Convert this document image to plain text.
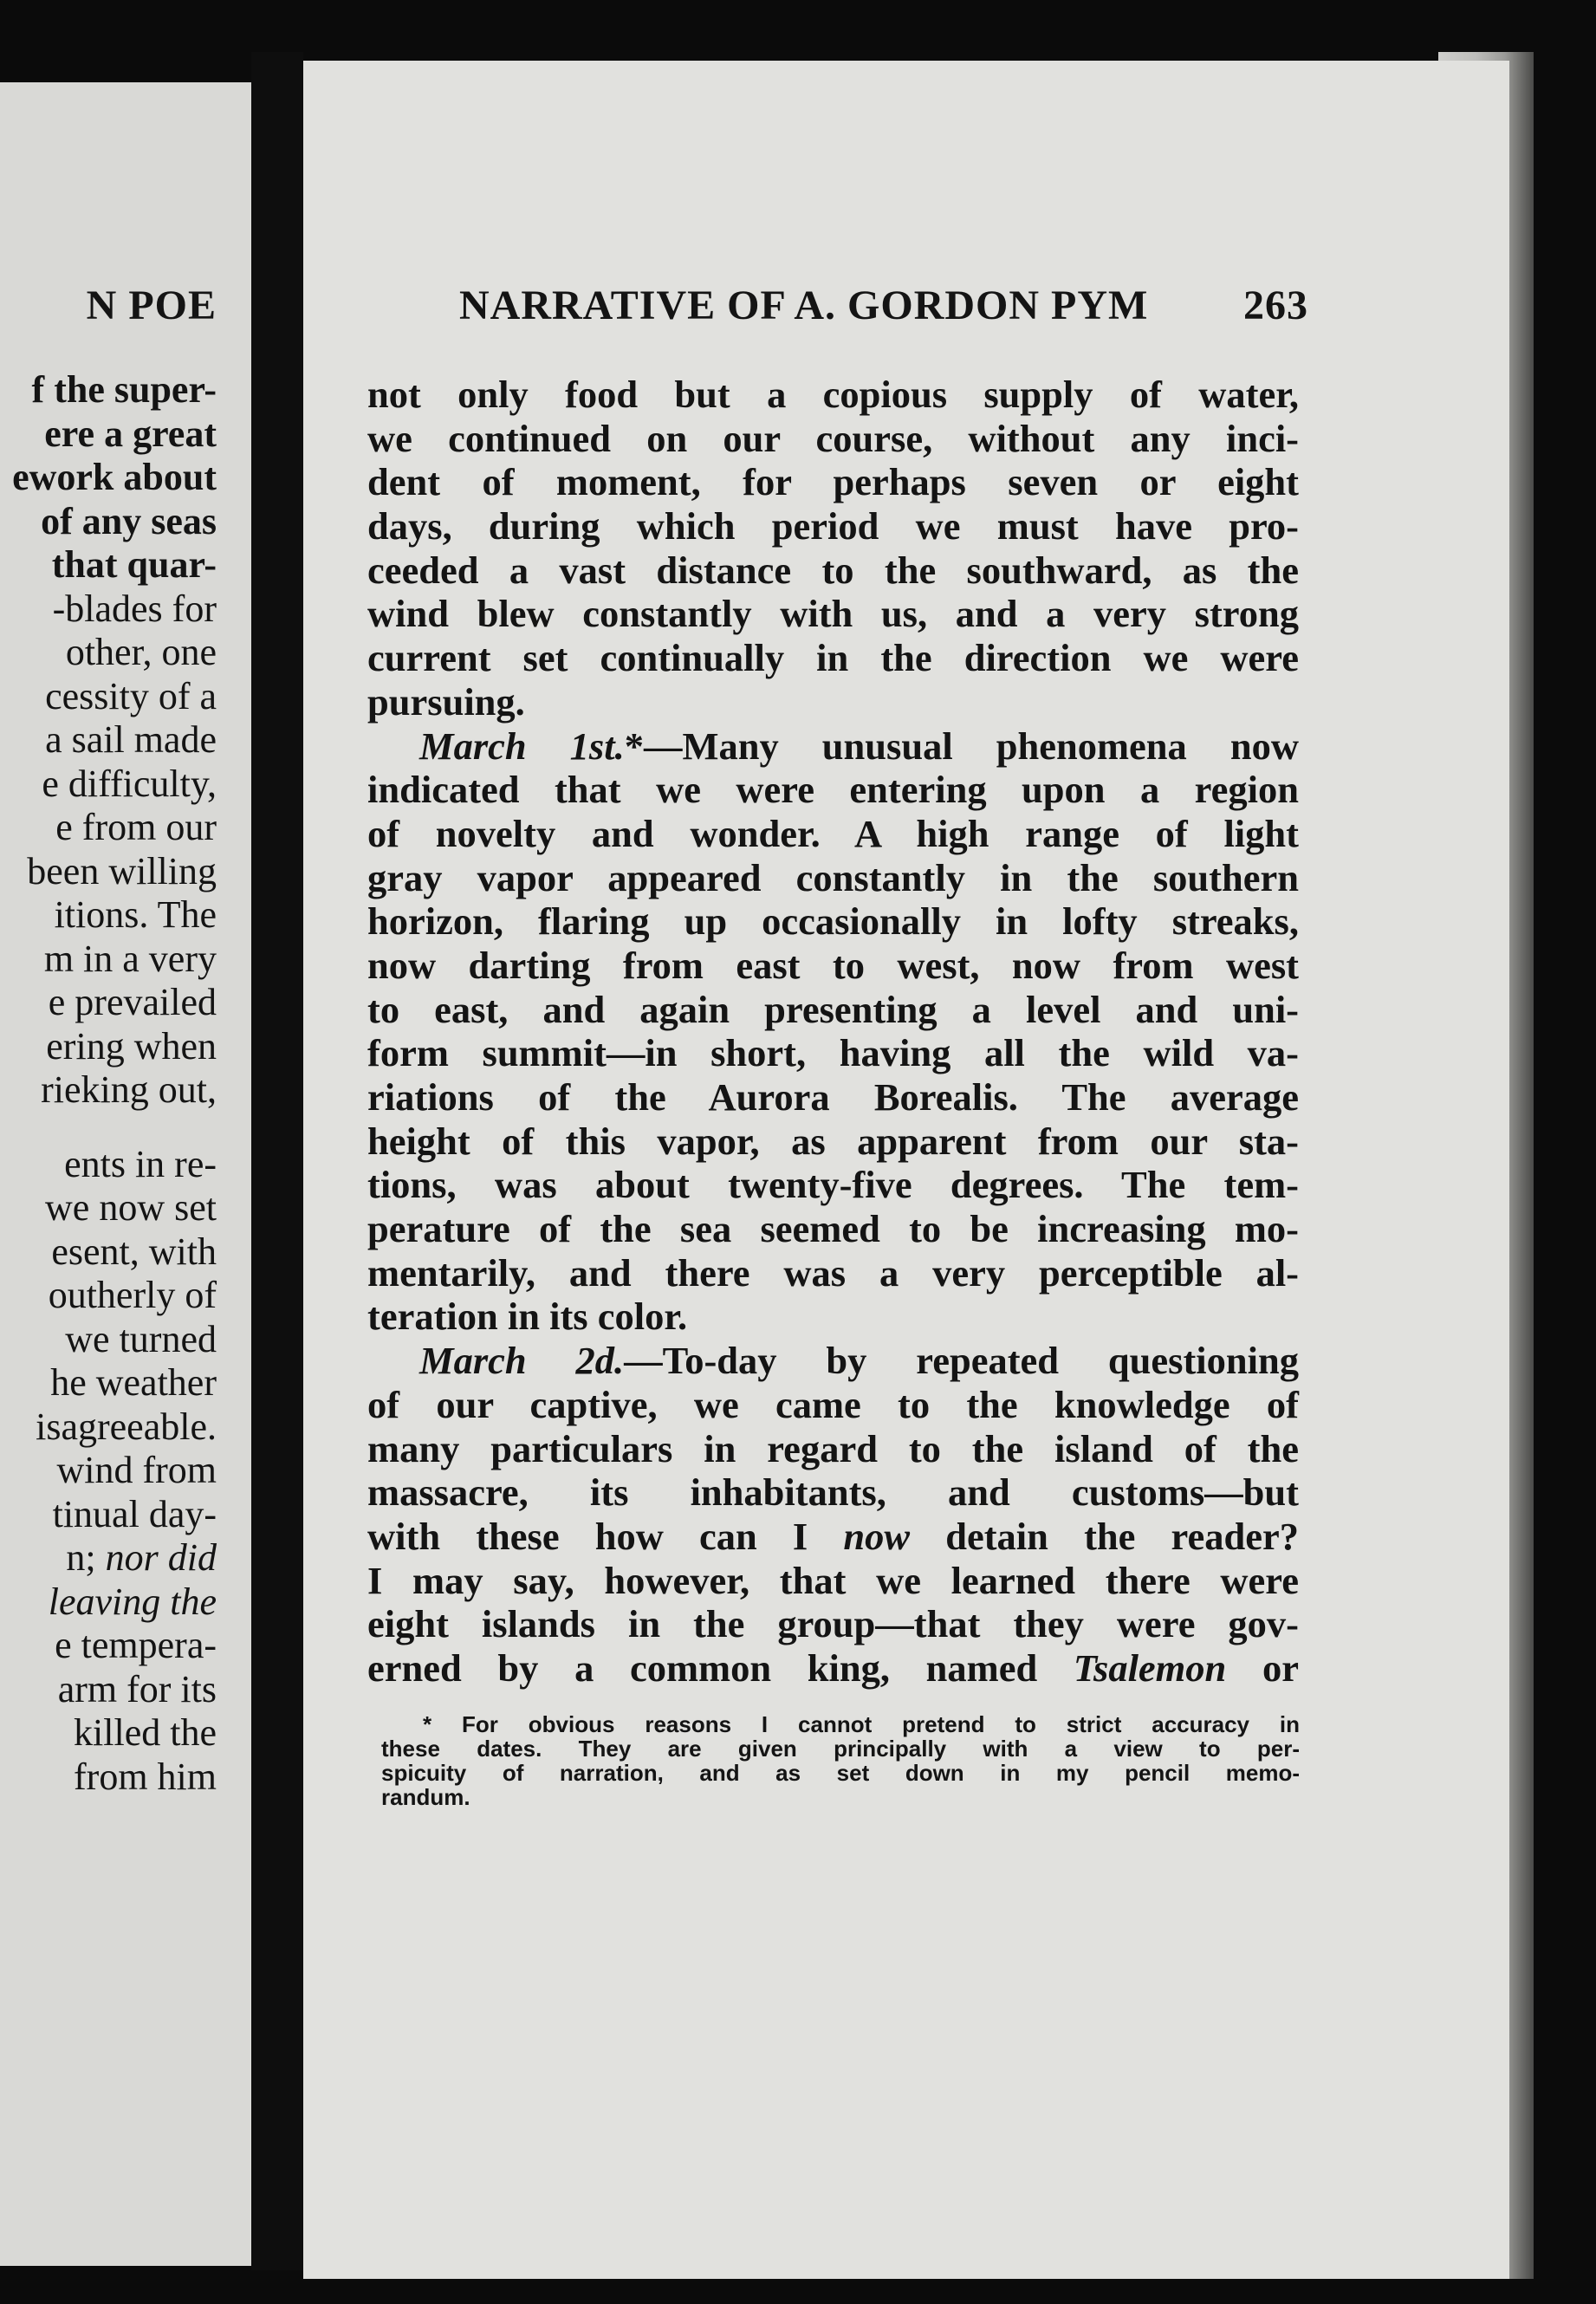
N POE
f the super-
ere a great
ework about
of any seas
that quar-
-blades for
other, one
cessity of a
a sail made
e difficulty,
e from our
been willing
itions. The
m in a very
e prevailed
ering when
rieking out,
ents in re-
we now set
esent, with
outherly of
we turned
he weather
isagreeable.
wind from
tinual day-
n; nor did
leaving the
e tempera-
arm for its
killed the
from him
NARRATIVE OF A. GORDON PYM 263
not only food but a copious supply of water,
we continued on our course, without any inci-
dent of moment, for perhaps seven or eight
days, during which period we must have pro-
ceeded a vast distance to the southward, as the
wind blew constantly with us, and a very strong
current set continually in the direction we were
pursuing.
March 1st.*—Many unusual phenomena now
indicated that we were entering upon a region
of novelty and wonder. A high range of light
gray vapor appeared constantly in the southern
horizon, flaring up occasionally in lofty streaks,
now darting from east to west, now from west
to east, and again presenting a level and uni-
form summit—in short, having all the wild va-
riations of the Aurora Borealis. The average
height of this vapor, as apparent from our sta-
tions, was about twenty-five degrees. The tem-
perature of the sea seemed to be increasing mo-
mentarily, and there was a very perceptible al-
teration in its color.
March 2d.—To-day by repeated questioning
of our captive, we came to the knowledge of
many particulars in regard to the island of the
massacre, its inhabitants, and customs—but
with these how can I now detain the reader?
I may say, however, that we learned there were
eight islands in the group—that they were gov-
erned by a common king, named Tsalemon or
* For obvious reasons I cannot pretend to strict accuracy in
these dates. They are given principally with a view to per-
spicuity of narration, and as set down in my pencil memo-
randum.
